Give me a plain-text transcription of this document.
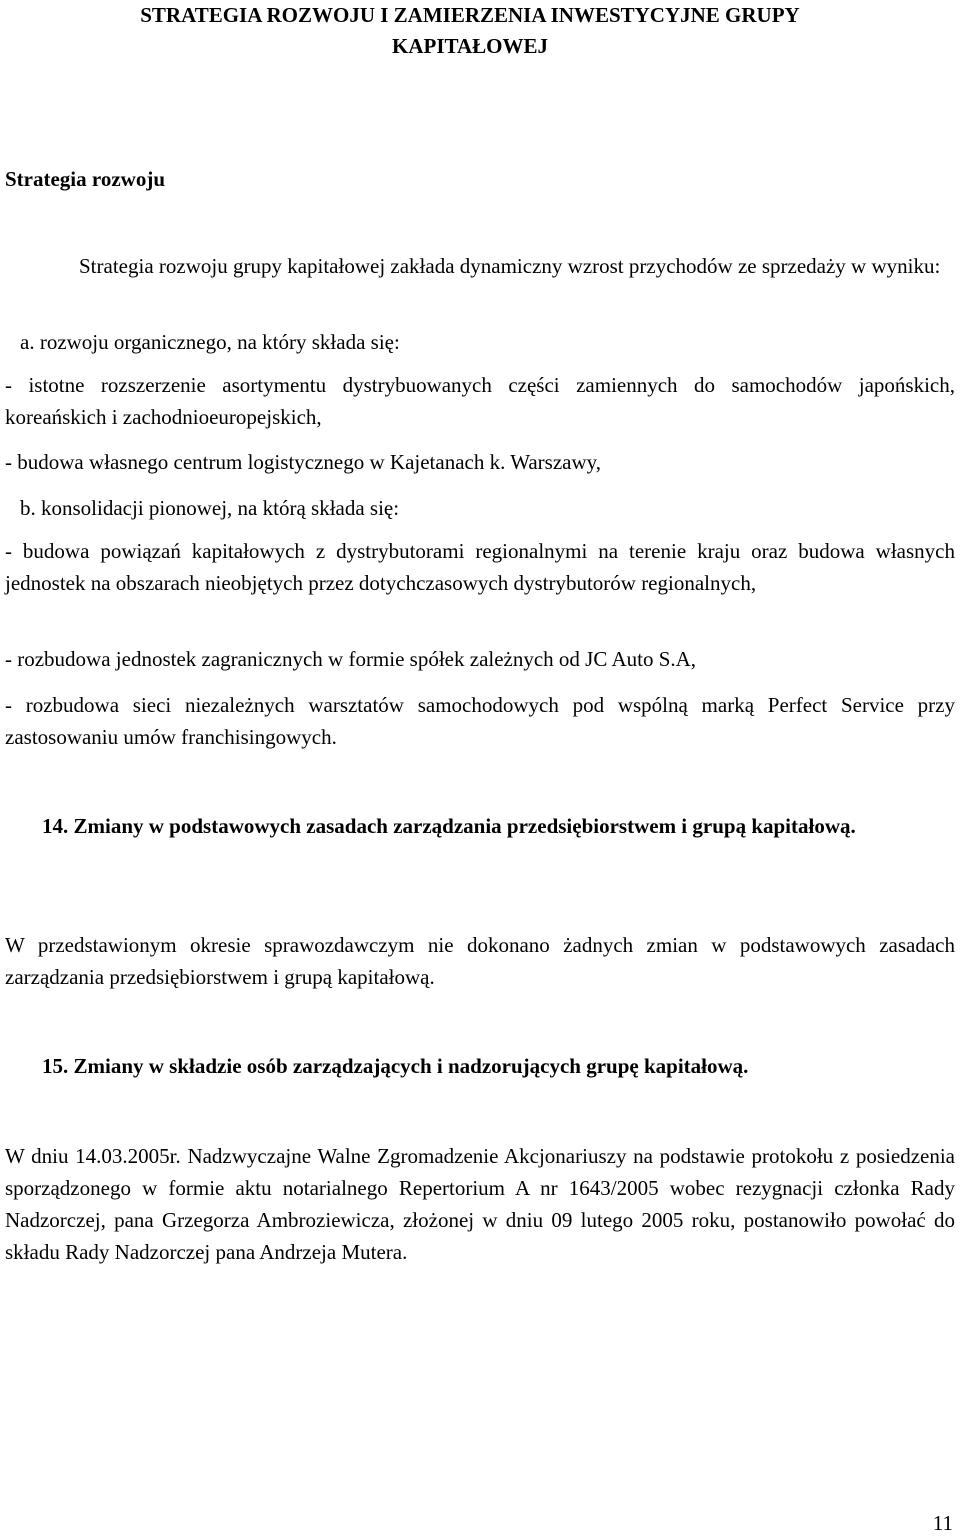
STRATEGIA ROZWOJU I ZAMIERZENIA INWESTYCYJNE GRUPY
KAPITAŁOWEJ

Strategia rozwoju

Strategia rozwoju grupy kapitałowej zakłada dynamiczny wzrost przychodów ze sprzedaży w wyniku:

a. rozwoju organicznego, na który składa się:

- istotne rozszerzenie asortymentu dystrybuowanych części zamiennych do samochodów japońskich, koreańskich i zachodnioeuropejskich,

- budowa własnego centrum logistycznego w Kajetanach k. Warszawy,

b. konsolidacji pionowej, na którą składa się:

- budowa powiązań kapitałowych z dystrybutorami regionalnymi na terenie kraju oraz budowa własnych jednostek na obszarach nieobjętych przez dotychczasowych dystrybutorów regionalnych,

- rozbudowa jednostek zagranicznych w formie spółek zależnych od JC Auto S.A,

- rozbudowa sieci niezależnych warsztatów samochodowych pod wspólną marką Perfect Service przy zastosowaniu umów franchisingowych.

14. Zmiany w podstawowych zasadach zarządzania przedsiębiorstwem i grupą kapitałową.

W przedstawionym okresie sprawozdawczym nie dokonano żadnych zmian w podstawowych zasadach zarządzania przedsiębiorstwem i grupą kapitałową.

15. Zmiany w składzie osób zarządzających i nadzorujących grupę kapitałową.

W dniu 14.03.2005r. Nadzwyczajne Walne Zgromadzenie Akcjonariuszy na podstawie protokołu z posiedzenia sporządzonego w formie aktu notarialnego Repertorium A nr 1643/2005 wobec rezygnacji członka Rady Nadzorczej, pana Grzegorza Ambroziewicza, złożonej w dniu 09 lutego 2005 roku, postanowiło powołać do składu Rady Nadzorczej pana Andrzeja Mutera.

11
